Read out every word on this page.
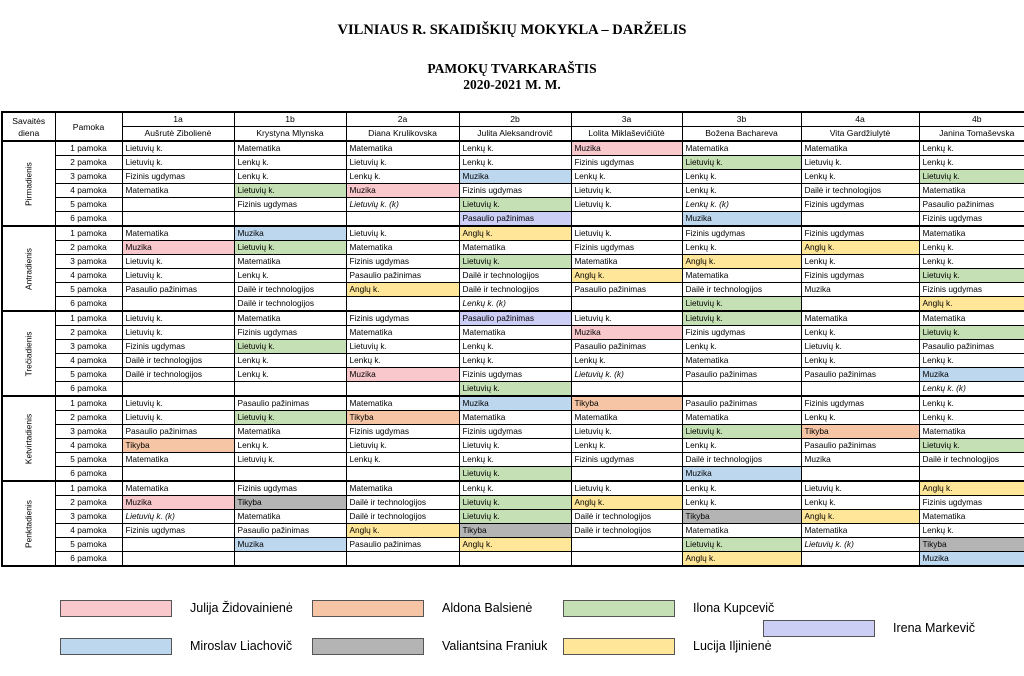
VILNIAUS R. SKAIDIŠKIŲ MOKYKLA – DARŽELIS
PAMOKŲ TVARKARAŠTIS
2020-2021 M. M.
Savaitės diena	Pamoka	1a	1b	2a	2b	3a	3b	4a	4b
		Aušrutė Zibolienė	Krystyna Mlynska	Diana Krulikovska	Julita Aleksandrovič	Lolita Miklaševičiūtė	Božena Bachareva	Vita Gardžiulytė	Janina Tomaševska

Pirmadienis	1 pamoka	Lietuvių k.	Matematika	Matematika	Lenkų k.	Muzika	Matematika	Matematika	Lenkų k.
	2 pamoka	Lietuvių k.	Lenkų k.	Lietuvių k.	Lenkų k.	Fizinis ugdymas	Lietuvių k.	Lietuvių k.	Lenkų k.
	3 pamoka	Fizinis ugdymas	Lenkų k.	Lenkų k.	Muzika	Lenkų k.	Lenkų k.	Lenkų k.	Lietuvių k.
	4 pamoka	Matematika	Lietuvių k.	Muzika	Fizinis ugdymas	Lietuvių k.	Lenkų k.	Dailė ir technologijos	Matematika
	5 pamoka		Fizinis ugdymas	Lietuvių k. (k)	Lietuvių k.	Lietuvių k.	Lenkų k. (k)	Fizinis ugdymas	Pasaulio pažinimas
	6 pamoka				Pasaulio pažinimas		Muzika		Fizinis ugdymas

Antradienis	1 pamoka	Matematika	Muzika	Lietuvių k.	Anglų k.	Lietuvių k.	Fizinis ugdymas	Fizinis ugdymas	Matematika
	2 pamoka	Muzika	Lietuvių k.	Matematika	Matematika	Fizinis ugdymas	Lenkų k.	Anglų k.	Lenkų k.
	3 pamoka	Lietuvių k.	Matematika	Fizinis ugdymas	Lietuvių k.	Matematika	Anglų k.	Lenkų k.	Lenkų k.
	4 pamoka	Lietuvių k.	Lenkų k.	Pasaulio pažinimas	Dailė ir technologijos	Anglų k.	Matematika	Fizinis ugdymas	Lietuvių k.
	5 pamoka	Pasaulio pažinimas	Dailė ir technologijos	Anglų k.	Dailė ir technologijos	Pasaulio pažinimas	Dailė ir technologijos	Muzika	Fizinis ugdymas
	6 pamoka		Dailė ir technologijos		Lenkų k. (k)		Lietuvių k.		Anglų k.

Trečiadienis	1 pamoka	Lietuvių k.	Matematika	Fizinis ugdymas	Pasaulio pažinimas	Lietuvių k.	Lietuvių k.	Matematika	Matematika
	2 pamoka	Lietuvių k.	Fizinis ugdymas	Matematika	Matematika	Muzika	Fizinis ugdymas	Lenkų k.	Lietuvių k.
	3 pamoka	Fizinis ugdymas	Lietuvių k.	Lietuvių k.	Lenkų k.	Pasaulio pažinimas	Lenkų k.	Lietuvių k.	Pasaulio pažinimas
	4 pamoka	Dailė ir technologijos	Lenkų k.	Lenkų k.	Lenkų k.	Lenkų k.	Matematika	Lenkų k.	Lenkų k.
	5 pamoka	Dailė ir technologijos	Lenkų k.	Muzika	Fizinis ugdymas	Lietuvių k. (k)	Pasaulio pažinimas	Pasaulio pažinimas	Muzika
	6 pamoka				Lietuvių k.				Lenkų k. (k)

Ketvirtadienis	1 pamoka	Lietuvių k.	Pasaulio pažinimas	Matematika	Muzika	Tikyba	Pasaulio pažinimas	Fizinis ugdymas	Lenkų k.
	2 pamoka	Lietuvių k.	Lietuvių k.	Tikyba	Matematika	Matematika	Matematika	Lenkų k.	Lenkų k.
	3 pamoka	Pasaulio pažinimas	Matematika	Fizinis ugdymas	Fizinis ugdymas	Lietuvių k.	Lietuvių k.	Tikyba	Matematika
	4 pamoka	Tikyba	Lenkų k.	Lietuvių k.	Lietuvių k.	Lenkų k.	Lenkų k.	Pasaulio pažinimas	Lietuvių k.
	5 pamoka	Matematika	Lietuvių k.	Lenkų k.	Lenkų k.	Fizinis ugdymas	Dailė ir technologijos	Muzika	Dailė ir technologijos
	6 pamoka				Lietuvių k.		Muzika		

Penktadienis	1 pamoka	Matematika	Fizinis ugdymas	Matematika	Lenkų k.	Lietuvių k.	Lenkų k.	Lietuvių k.	Anglų k.
	2 pamoka	Muzika	Tikyba	Dailė ir technologijos	Lietuvių k.	Anglų k.	Lenkų k.	Lenkų k.	Fizinis ugdymas
	3 pamoka	Lietuvių k. (k)	Matematika	Dailė ir technologijos	Lietuvių k.	Dailė ir technologijos	Tikyba	Anglų k.	Matematika
	4 pamoka	Fizinis ugdymas	Pasaulio pažinimas	Anglų k.	Tikyba	Dailė ir technologijos	Matematika	Matematika	Lenkų k.
	5 pamoka		Muzika	Pasaulio pažinimas	Anglų k.		Lietuvių k.	Lietuvių k. (k)	Tikyba
	6 pamoka						Anglų k.		Muzika
Julija Židovainienė	Aldona Balsienė	Ilona Kupcevič
Irena Markevič
Miroslav Liachovič	Valiantsina Franiuk	Lucija Iljinienė
